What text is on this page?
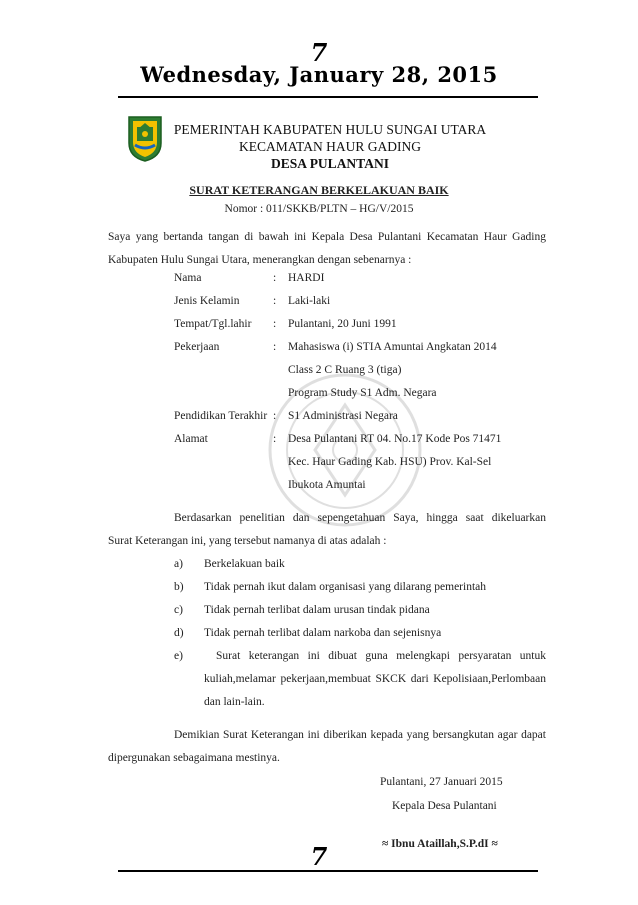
7
Wednesday, January 28, 2015
PEMERINTAH KABUPATEN HULU SUNGAI UTARA
KECAMATAN HAUR GADING
DESA PULANTANI
SURAT KETERANGAN BERKELAKUAN BAIK
Nomor : 011/SKKB/PLTN – HG/V/2015
Saya yang bertanda tangan di bawah ini Kepala Desa Pulantani Kecamatan Haur Gading
Kabupaten Hulu Sungai Utara, menerangkan dengan sebenarnya :
Nama	: HARDI
Jenis Kelamin	: Laki-laki
Tempat/Tgl.lahir : Pulantani, 20 Juni 1991
Pekerjaan	: Mahasiswa (i) STIA Amuntai Angkatan 2014
Class 2 C Ruang 3 (tiga)
Program Study S1 Adm. Negara
Pendidikan Terakhir : S1 Administrasi Negara
Alamat	: Desa Pulantani RT 04. No.17 Kode Pos 71471
Kec. Haur Gading Kab. HSU) Prov. Kal-Sel
Ibukota Amuntai
Berdasarkan penelitian dan sepengetahuan Saya, hingga saat dikeluarkan
Surat Keterangan ini, yang tersebut namanya di atas adalah :
a) Berkelakuan baik
b) Tidak pernah ikut dalam organisasi yang dilarang pemerintah
c) Tidak pernah terlibat dalam urusan tindak pidana
d) Tidak pernah terlibat dalam narkoba dan sejenisnya
e)	Surat keterangan ini dibuat guna melengkapi persyaratan untuk
kuliah,melamar pekerjaan,membuat SKCK dari Kepolisiaan,Perlombaan
dan lain-lain.
Demikian Surat Keterangan ini diberikan kepada yang bersangkutan agar dapat
dipergunakan sebagaimana mestinya.
Pulantani, 27 Januari 2015
Kepala Desa Pulantani
≈ Ibnu Ataillah,S.P.dI ≈
7
